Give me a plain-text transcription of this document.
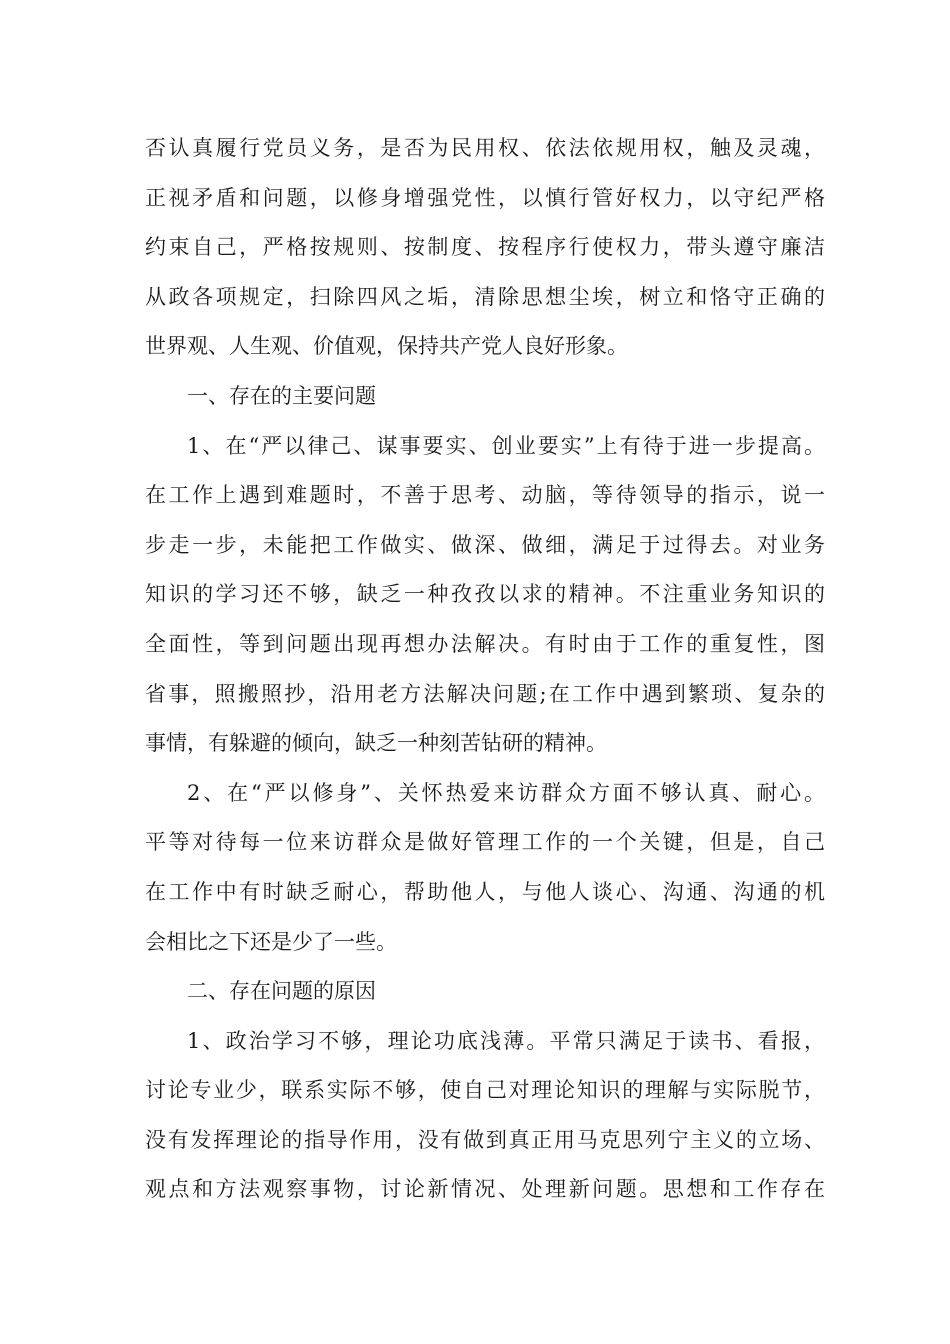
否认真履行党员义务，是否为民用权、依法依规用权，触及灵魂，
正视矛盾和问题，以修身增强党性，以慎行管好权力，以守纪严格
约束自己，严格按规则、按制度、按程序行使权力，带头遵守廉洁
从政各项规定，扫除四风之垢，清除思想尘埃，树立和恪守正确的
世界观、人生观、价值观，保持共产党人良好形象。
一、存在的主要问题
1、在“严以律己、谋事要实、创业要实”上有待于进一步提高。
在工作上遇到难题时，不善于思考、动脑，等待领导的指示，说一
步走一步，未能把工作做实、做深、做细，满足于过得去。对业务
知识的学习还不够，缺乏一种孜孜以求的精神。不注重业务知识的
全面性，等到问题出现再想办法解决。有时由于工作的重复性，图
省事，照搬照抄，沿用老方法解决问题;在工作中遇到繁琐、复杂的
事情，有躲避的倾向，缺乏一种刻苦钻研的精神。
2、在“严以修身”、关怀热爱来访群众方面不够认真、耐心。
平等对待每一位来访群众是做好管理工作的一个关键，但是，自己
在工作中有时缺乏耐心，帮助他人，与他人谈心、沟通、沟通的机
会相比之下还是少了一些。
二、存在问题的原因
1、政治学习不够，理论功底浅薄。平常只满足于读书、看报，
讨论专业少，联系实际不够，使自己对理论知识的理解与实际脱节，
没有发挥理论的指导作用，没有做到真正用马克思列宁主义的立场、
观点和方法观察事物，讨论新情况、处理新问题。思想和工作存在
